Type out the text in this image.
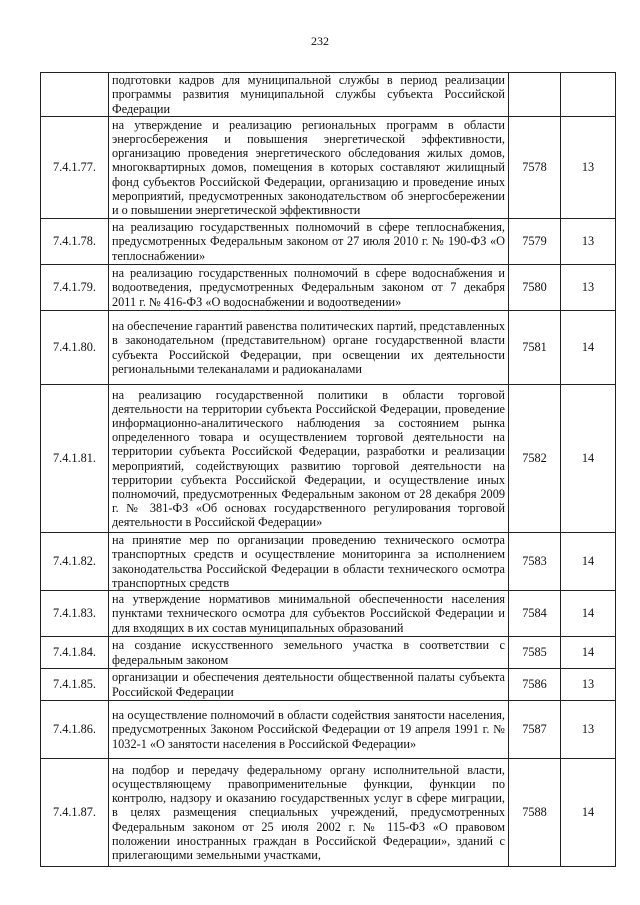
232
	подготовки кадров для муниципальной службы в период реализации программы развития муниципальной службы субъекта Российской Федерации		
7.4.1.77.	на утверждение и реализацию региональных программ в области энергосбережения и повышения энергетической эффективности, организацию проведения энергетического обследования жилых домов, многоквартирных домов, помещения в которых составляют жилищный фонд субъектов Российской Федерации, организацию и проведение иных мероприятий, предусмотренных законодательством об энергосбережении и о повышении энергетической эффективности	7578	13
7.4.1.78.	на реализацию государственных полномочий в сфере теплоснабжения, предусмотренных Федеральным законом от 27 июля 2010 г. № 190-ФЗ «О теплоснабжении»	7579	13
7.4.1.79.	на реализацию государственных полномочий в сфере водоснабжения и водоотведения, предусмотренных Федеральным законом от 7 декабря 2011 г. № 416-ФЗ «О водоснабжении и водоотведении»	7580	13
7.4.1.80.	на обеспечение гарантий равенства политических партий, представленных в законодательном (представительном) органе государственной власти субъекта Российской Федерации, при освещении их деятельности региональными телеканалами и радиоканалами	7581	14
7.4.1.81.	на реализацию государственной политики в области торговой деятельности на территории субъекта Российской Федерации, проведение информационно-аналитического наблюдения за состоянием рынка определенного товара и осуществлением торговой деятельности на территории субъекта Российской Федерации, разработки и реализации мероприятий, содействующих развитию торговой деятельности на территории субъекта Российской Федерации, и осуществление иных полномочий, предусмотренных Федеральным законом от 28 декабря 2009 г. № 381-ФЗ «Об основах государственного регулирования торговой деятельности в Российской Федерации»	7582	14
7.4.1.82.	на принятие мер по организации проведению технического осмотра транспортных средств и осуществление мониторинга за исполнением законодательства Российской Федерации в области технического осмотра транспортных средств	7583	14
7.4.1.83.	на утверждение нормативов минимальной обеспеченности населения пунктами технического осмотра для субъектов Российской Федерации и для входящих в их состав муниципальных образований	7584	14
7.4.1.84.	на создание искусственного земельного участка в соответствии с федеральным законом	7585	14
7.4.1.85.	организации и обеспечения деятельности общественной палаты субъекта Российской Федерации	7586	13
7.4.1.86.	на осуществление полномочий в области содействия занятости населения, предусмотренных Законом Российской Федерации от 19 апреля 1991 г. № 1032-1 «О занятости населения в Российской Федерации»	7587	13
7.4.1.87.	на подбор и передачу федеральному органу исполнительной власти, осуществляющему правоприменительные функции, функции по контролю, надзору и оказанию государственных услуг в сфере миграции, в целях размещения специальных учреждений, предусмотренных Федеральным законом от 25 июля 2002 г. № 115-ФЗ «О правовом положении иностранных граждан в Российской Федерации», зданий с прилегающими земельными участками,	7588	14
